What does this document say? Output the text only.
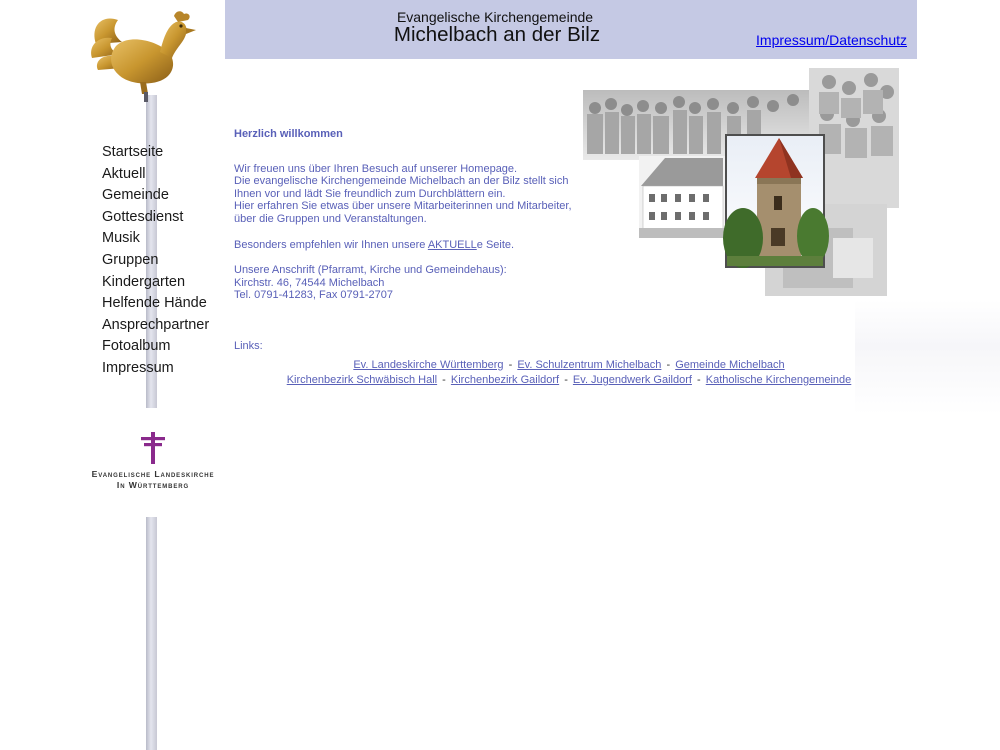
Startseite
Aktuell
Gemeinde
Gottesdienst
Musik
Gruppen
Kindergarten
Helfende Hände
Ansprechpartner
Fotoalbum
Impressum
Evangelische Landeskirche
In Württemberg
Evangelische Kirchengemeinde
Michelbach an der Bilz	Impressum/Datenschutz

Herzlich willkommen

Wir freuen uns über Ihren Besuch auf unserer Homepage.

Die evangelische Kirchengemeinde Michelbach an der Bilz stellt sich

Ihnen vor und lädt Sie freundlich zum Durchblättern ein.

Hier erfahren Sie etwas über unsere Mitarbeiterinnen und Mitarbeiter,

über die Gruppen und Veranstaltungen.

Besonders empfehlen wir Ihnen unsere AKTUELLe Seite.

Unsere Anschrift (Pfarramt, Kirche und Gemeindehaus):

Kirchstr. 46, 74544 Michelbach

Tel. 0791-41283, Fax 0791-2707

Links:
Ev. Landeskirche Württemberg - Ev. Schulzentrum Michelbach - Gemeinde Michelbach
Kirchenbezirk Schwäbisch Hall - Kirchenbezirk Gaildorf - Ev. Jugendwerk Gaildorf - Katholische Kirchengemeinde
